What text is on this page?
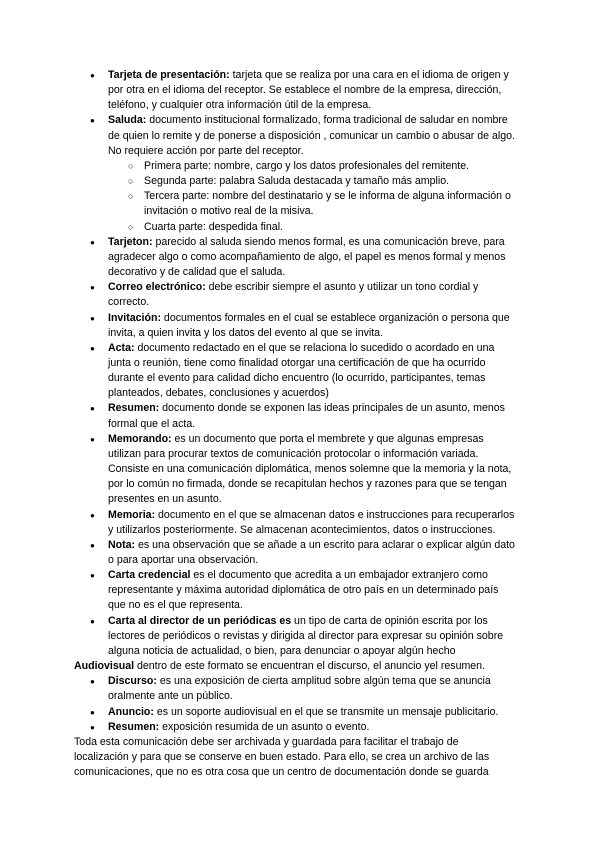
● Tarjeta de presentación: tarjeta que se realiza por una cara en el idioma de origen y por otra en el idioma del receptor. Se establece el nombre de la empresa, dirección, teléfono, y cualquier otra información útil de la empresa.
● Saluda: documento institucional formalizado, forma tradicional de saludar en nombre de quien lo remite y de ponerse a disposición , comunicar un cambio o abusar de algo. No requiere acción por parte del receptor.
○ Primera parte: nombre, cargo y los datos profesionales del remitente.
○ Segunda parte: palabra Saluda destacada y tamaño más amplio.
○ Tercera parte: nombre del destinatario y se le informa de alguna información o invitación o motivo real de la misiva.
○ Cuarta parte: despedida final.
● Tarjeton: parecido al saluda siendo menos formal, es una comunicación breve, para agradecer algo o como acompañamiento de algo, el papel es menos formal y menos decorativo y de calidad que el saluda.
● Correo electrónico: debe escribir siempre el asunto y utilizar un tono cordial y correcto.
● Invitación: documentos formales en el cual se establece organización o persona que invita, a quien invita y los datos del evento al que se invita.
● Acta: documento redactado en el que se relaciona lo sucedido o acordado en una junta o reunión, tiene como finalidad otorgar una certificación de que ha ocurrido durante el evento para calidad dicho encuentro (lo ocurrido, participantes, temas planteados, debates, conclusiones y acuerdos)
● Resumen: documento donde se exponen las ideas principales de un asunto, menos formal que el acta.
● Memorando: es un documento que porta el membrete y que algunas empresas utilizan para procurar textos de comunicación protocolar o información variada. Consiste en una comunicación diplomática, menos solemne que la memoria y la nota, por lo común no firmada, donde se recapitulan hechos y razones para que se tengan presentes en un asunto.
● Memoria: documento en el que se almacenan datos e instrucciones para recuperarlos y utilizarlos posteriormente. Se almacenan acontecimientos, datos o instrucciones.
● Nota: es una observación que se añade a un escrito para aclarar o explicar algún dato o para aportar una observación.
● Carta credencial es el documento que acredita a un embajador extranjero como representante y máxima autoridad diplomática de otro país en un determinado país que no es el que representa.
● Carta al director de un periódicas es un tipo de carta de opinión escrita por los lectores de periódicos o revistas y dirigida al director para expresar su opinión sobre alguna noticia de actualidad, o bien, para denunciar o apoyar algún hecho

Audiovisual dentro de este formato se encuentran el discurso, el anuncio yel resumen.

● Discurso: es una exposición de cierta amplitud sobre algún tema que se anuncia oralmente ante un público.
● Anuncio: es un soporte audiovisual en el que se transmite un mensaje publicitario.
● Resumen: exposición resumida de un asunto o evento.

Toda esta comunicación debe ser archivada y guardada para facilitar el trabajo de localización y para que se conserve en buen estado. Para ello, se crea un archivo de las comunicaciones, que no es otra cosa que un centro de documentación donde se guarda
